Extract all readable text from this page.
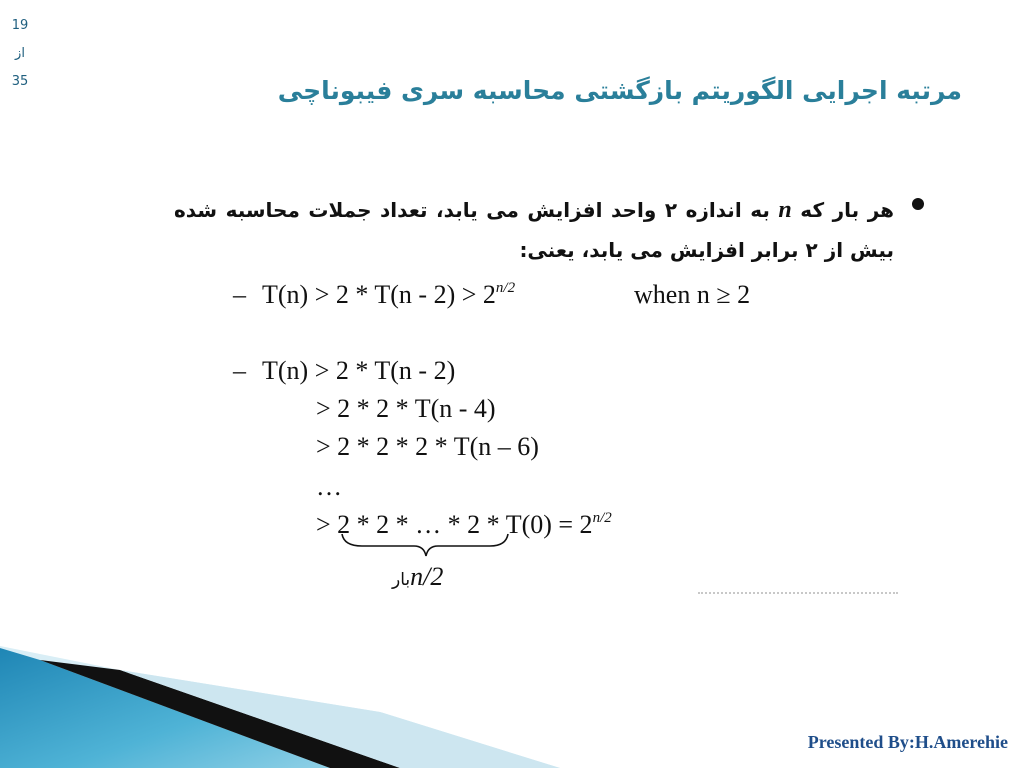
19
از
35	مرتبه اجرایی الگوریتم بازگشتی محاسبه سری فیبوناچی
هر بار که n به اندازه ۲ واحد افزایش می یابد، تعداد جملات محاسبه شده بیش از ۲ برابر افزایش می یابد، یعنی:
– $T(n) > 2 * T(n - 2) > 2^{n/2}$	when n ≥ 2
– T(n) > 2 * T(n - 2)
> 2 * 2 * T(n - 4)
> 2 * 2 * 2 * T(n – 6)
…
> 2 * 2 * … * $2 * T(0) = 2^{n/2}$
بارn/2
Presented By:H.Amerehie
